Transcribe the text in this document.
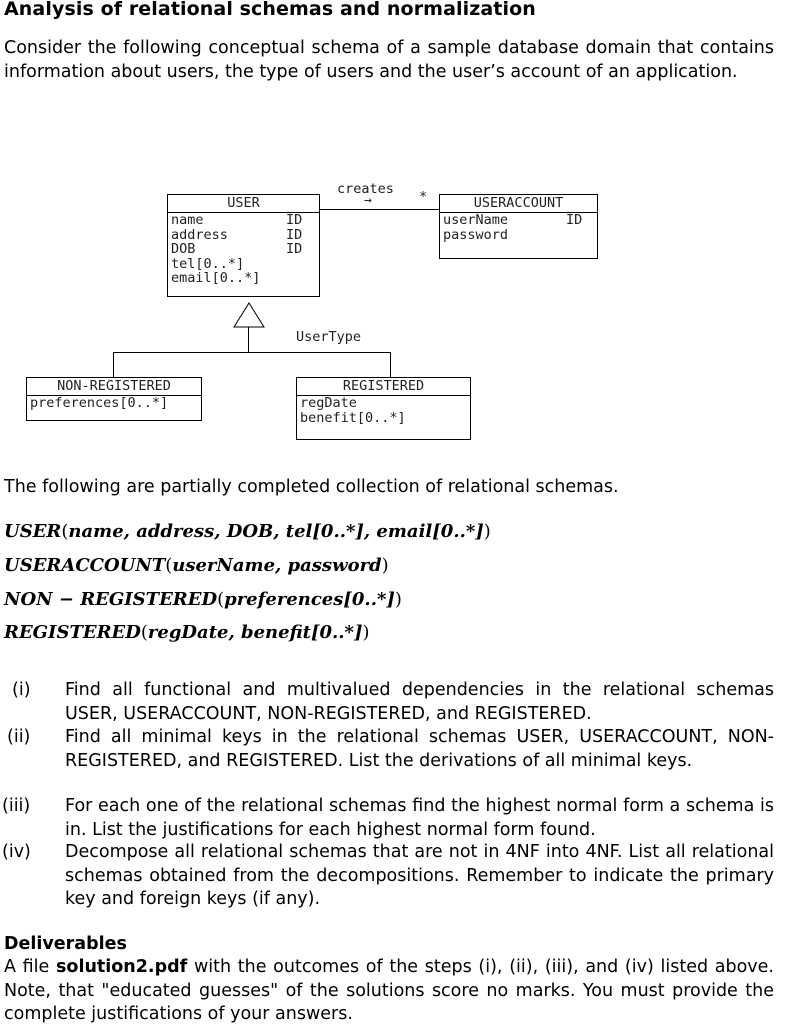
Analysis of relational schemas and normalization
Consider the following conceptual schema of a sample database domain that contains information about users, the type of users and the user’s account of an application.
USER
name
address
DOB
tel[0..*]
email[0..*]
ID
ID
ID
USERACCOUNT
userName
password
ID
creates
→	*
UserType
NON-REGISTERED
preferences[0..*]
REGISTERED
regDate
benefit[0..*]
The following are partially completed collection of relational schemas.
USER(name, address, DOB, tel[0..*], email[0..*])
USERACCOUNT(userName, password)
NON − REGISTERED(preferences[0..*])
REGISTERED(regDate, benefit[0..*])
(i) Find all functional and multivalued dependencies in the relational schemas USER, USERACCOUNT, NON-REGISTERED, and REGISTERED.
(ii) Find all minimal keys in the relational schemas USER, USERACCOUNT, NON-REGISTERED, and REGISTERED. List the derivations of all minimal keys.
(iii) For each one of the relational schemas find the highest normal form a schema is in. List the justifications for each highest normal form found.
(iv) Decompose all relational schemas that are not in 4NF into 4NF. List all relational schemas obtained from the decompositions. Remember to indicate the primary key and foreign keys (if any).
Deliverables
A file solution2.pdf with the outcomes of the steps (i), (ii), (iii), and (iv) listed above. Note, that "educated guesses" of the solutions score no marks. You must provide the complete justifications of your answers.
